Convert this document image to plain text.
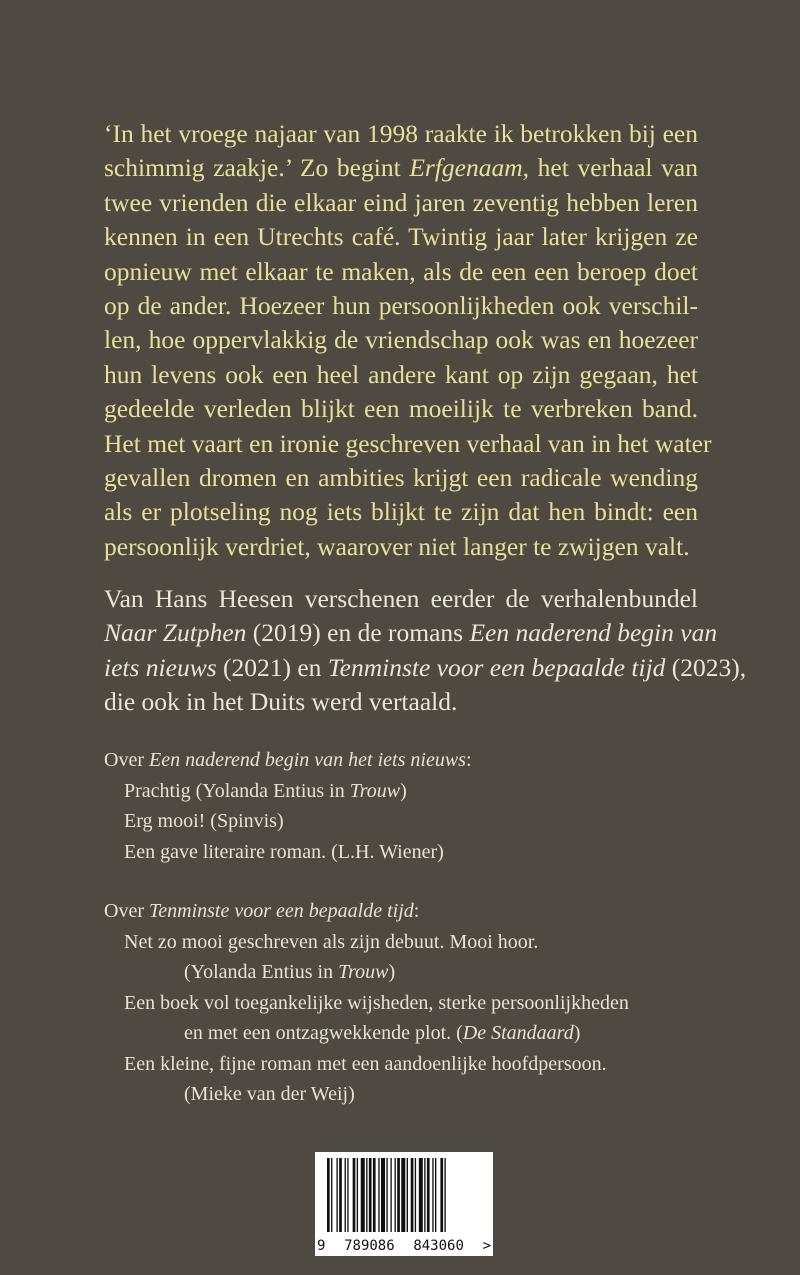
‘In het vroege najaar van 1998 raakte ik betrokken bij een
schimmig zaakje.’ Zo begint Erfgenaam, het verhaal van
twee vrienden die elkaar eind jaren zeventig hebben leren
kennen in een Utrechts café. Twintig jaar later krijgen ze
opnieuw met elkaar te maken, als de een een beroep doet
op de ander. Hoezeer hun persoonlijkheden ook verschil-
len, hoe oppervlakkig de vriendschap ook was en hoezeer
hun levens ook een heel andere kant op zijn gegaan, het
gedeelde verleden blijkt een moeilijk te verbreken band.
Het met vaart en ironie geschreven verhaal van in het water
gevallen dromen en ambities krijgt een radicale wending
als er plotseling nog iets blijkt te zijn dat hen bindt: een
persoonlijk verdriet, waarover niet langer te zwijgen valt.
Van Hans Heesen verschenen eerder de verhalenbundel
Naar Zutphen (2019) en de romans Een naderend begin van
iets nieuws (2021) en Tenminste voor een bepaalde tijd (2023),
die ook in het Duits werd vertaald.
Over Een naderend begin van het iets nieuws:
Prachtig (Yolanda Entius in Trouw)
Erg mooi! (Spinvis)
Een gave literaire roman. (L.H. Wiener)
Over Tenminste voor een bepaalde tijd:
Net zo mooi geschreven als zijn debuut. Mooi hoor.
(Yolanda Entius in Trouw)
Een boek vol toegankelijke wijsheden, sterke persoonlijkheden
en met een ontzagwekkende plot. (De Standaard)
Een kleine, fijne roman met een aandoenlijke hoofdpersoon.
(Mieke van der Weij)
9 789086 843060 >
